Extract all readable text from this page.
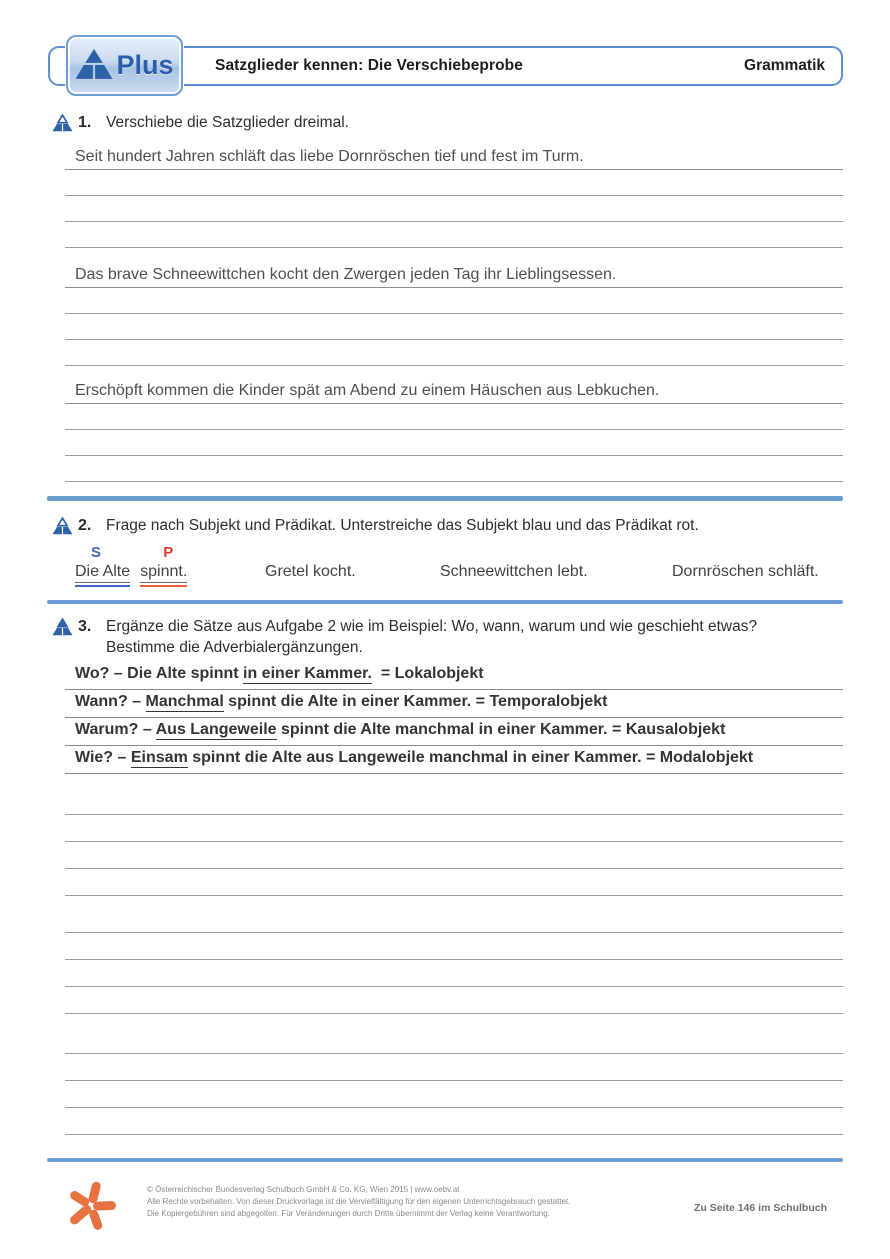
Satzglieder kennen: Die Verschiebeprobe	Grammatik
Plus
1. Verschiebe die Satzglieder dreimal.
Seit hundert Jahren schläft das liebe Dornröschen tief und fest im Turm.
Das brave Schneewittchen kocht den Zwergen jeden Tag ihr Lieblingsessen.
Erschöpft kommen die Kinder spät am Abend zu einem Häuschen aus Lebkuchen.
2. Frage nach Subjekt und Prädikat. Unterstreiche das Subjekt blau und das Prädikat rot.
S	P
Die Alte spinnt.	Gretel kocht.	Schneewittchen lebt.	Dornröschen schläft.
3. Ergänze die Sätze aus Aufgabe 2 wie im Beispiel: Wo, wann, warum und wie geschieht etwas?

Bestimme die Adverbialergänzungen.

Wo? – Die Alte spinnt in einer Kammer.  = Lokalobjekt
Wann? – Manchmal spinnt die Alte in einer Kammer. = Temporalobjekt
Warum? – Aus Langeweile spinnt die Alte manchmal in einer Kammer. = Kausalobjekt
Wie? – Einsam spinnt die Alte aus Langeweile manchmal in einer Kammer. = Modalobjekt
© Österreichischer Bundesverlag Schulbuch GmbH & Co. KG, Wien 2015 | www.oebv.at
Alle Rechte vorbehalten. Von dieser Druckvorlage ist die Vervielfältigung für den eigenen Unterrichtsgebrauch gestattet.
Die Kopiergebühren sind abgegolten. Für Veränderungen durch Dritte übernimmt der Verlag keine Verantwortung.	Zu Seite 146 im Schulbuch
